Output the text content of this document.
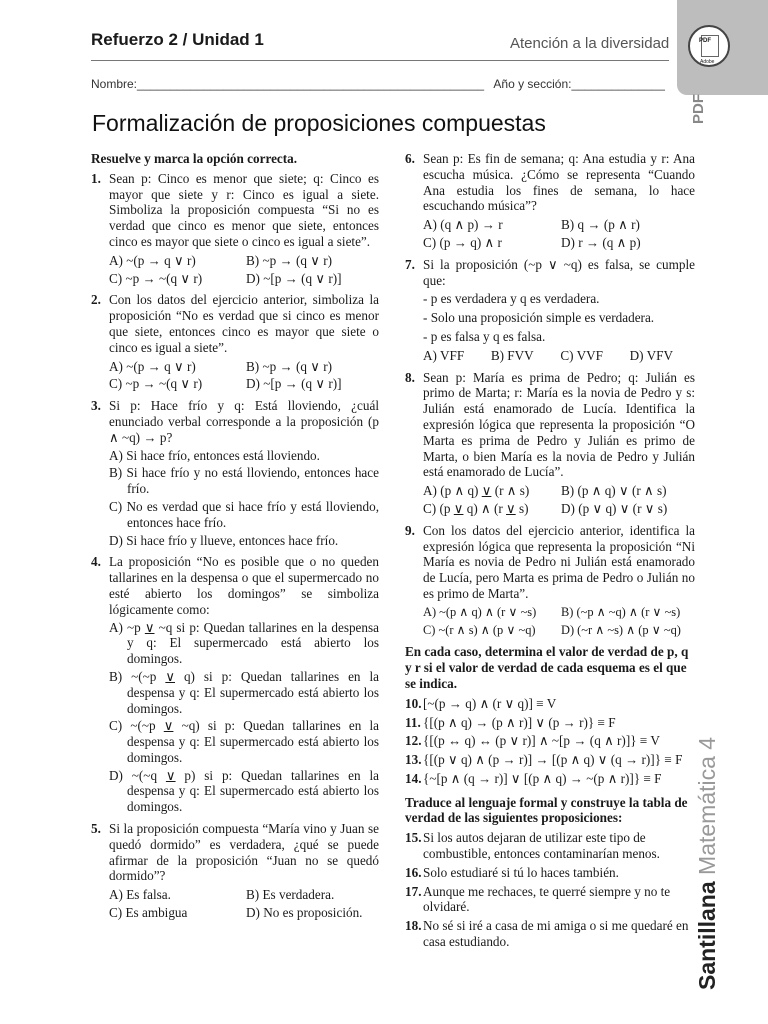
PDF
Adobe
PDF
Santillana Matemática 4
Refuerzo 2 / Unidad 1	Atención a la diversidad
Nombre:____________________________________________________ Año y sección:______________
Formalización de proposiciones compuestas
Resuelve y marca la opción correcta.
1. Sean p: Cinco es menor que siete; q: Cinco es mayor que siete y r: Cinco es igual a siete. Simboliza la proposición compuesta “Si no es verdad que cinco es menor que siete, entonces cinco es mayor que siete o cinco es igual a siete”.
A) ~(p → q ∨ r)	B) ~p → (q ∨ r)
C) ~p → ~(q ∨ r)	D) ~[p → (q ∨ r)]
2. Con los datos del ejercicio anterior, simboliza la proposición “No es verdad que si cinco es menor que siete, entonces cinco es mayor que siete o cinco es igual a siete”.
A) ~(p → q ∨ r)	B) ~p → (q ∨ r)
C) ~p → ~(q ∨ r)	D) ~[p → (q ∨ r)]
3. Si p: Hace frío y q: Está lloviendo, ¿cuál enunciado verbal corresponde a la proposición (p ∧ ~q) → p?
A) Si hace frío, entonces está lloviendo.
B) Si hace frío y no está lloviendo, entonces hace frío.
C) No es verdad que si hace frío y está lloviendo, entonces hace frío.
D) Si hace frío y llueve, entonces hace frío.
4. La proposición “No es posible que o no queden tallarines en la despensa o que el supermercado no esté abierto los domingos” se simboliza lógicamente como:
A) ~p ∨ ~q si p: Quedan tallarines en la despensa y q: El supermercado está abierto los domingos.
B) ~(~p ∨ q) si p: Quedan tallarines en la despensa y q: El supermercado está abierto los domingos.
C) ~(~p ∨ ~q) si p: Quedan tallarines en la despensa y q: El supermercado está abierto los domingos.
D) ~(~q ∨ p) si p: Quedan tallarines en la despensa y q: El supermercado está abierto los domingos.
5. Si la proposición compuesta “María vino y Juan se quedó dormido” es verdadera, ¿qué se puede afirmar de la proposición “Juan no se quedó dormido”?
A) Es falsa.	B) Es verdadera.
C) Es ambigua	D) No es proposición.
6. Sean p: Es fin de semana; q: Ana estudia y r: Ana escucha música. ¿Cómo se representa “Cuando Ana estudia los fines de semana, lo hace escuchando música”?
A) (q ∧ p) → r	B) q → (p ∧ r)
C) (p → q) ∧ r	D) r → (q ∧ p)
7. Si la proposición (~p ∨ ~q) es falsa, se cumple que:
- p es verdadera y q es verdadera.
- Solo una proposición simple es verdadera.
- p es falsa y q es falsa.
A) VFF B) FVV C) VVF D) VFV
8. Sean p: María es prima de Pedro; q: Julián es primo de Marta; r: María es la novia de Pedro y s: Julián está enamorado de Lucía. Identifica la expresión lógica que representa la proposición “O Marta es prima de Pedro y Julián es primo de Marta, o bien María es la novia de Pedro y Julián está enamorado de Lucía”.
A) (p ∧ q) ∨ (r ∧ s)	B) (p ∧ q) ∨ (r ∧ s)
C) (p ∨ q) ∧ (r ∨ s)	D) (p ∨ q) ∨ (r ∨ s)
9. Con los datos del ejercicio anterior, identifica la expresión lógica que representa la proposición “Ni María es novia de Pedro ni Julián está enamorado de Lucía, pero Marta es prima de Pedro o Julián no es primo de Marta”.
A) ~(p ∧ q) ∧ (r ∨ ~s)	B) (~p ∧ ~q) ∧ (r ∨ ~s)
C) ~(r ∧ s) ∧ (p ∨ ~q)	D) (~r ∧ ~s) ∧ (p ∨ ~q)
En cada caso, determina el valor de verdad de p, q y r si el valor de verdad de cada esquema es el que se indica.
10. [~(p → q) ∧ (r ∨ q)] ≡ V
11. {[(p ∧ q) → (p ∧ r)] ∨ (p → r)} ≡ F
12. {[(p ↔ q) ↔ (p ∨ r)] ∧ ~[p → (q ∧ r)]} ≡ V
13. {[(p ∨ q) ∧ (p → r)] → [(p ∧ q) ∨ (q → r)]} ≡ F
14. {~[p ∧ (q → r)] ∨ [(p ∧ q) → ~(p ∧ r)]} ≡ F
Traduce al lenguaje formal y construye la tabla de verdad de las siguientes proposiciones:
15. Si los autos dejaran de utilizar este tipo de combustible, entonces contaminarían menos.
16. Solo estudiaré si tú lo haces también.
17. Aunque me rechaces, te querré siempre y no te olvidaré.
18. No sé si iré a casa de mi amiga o si me quedaré en casa estudiando.
